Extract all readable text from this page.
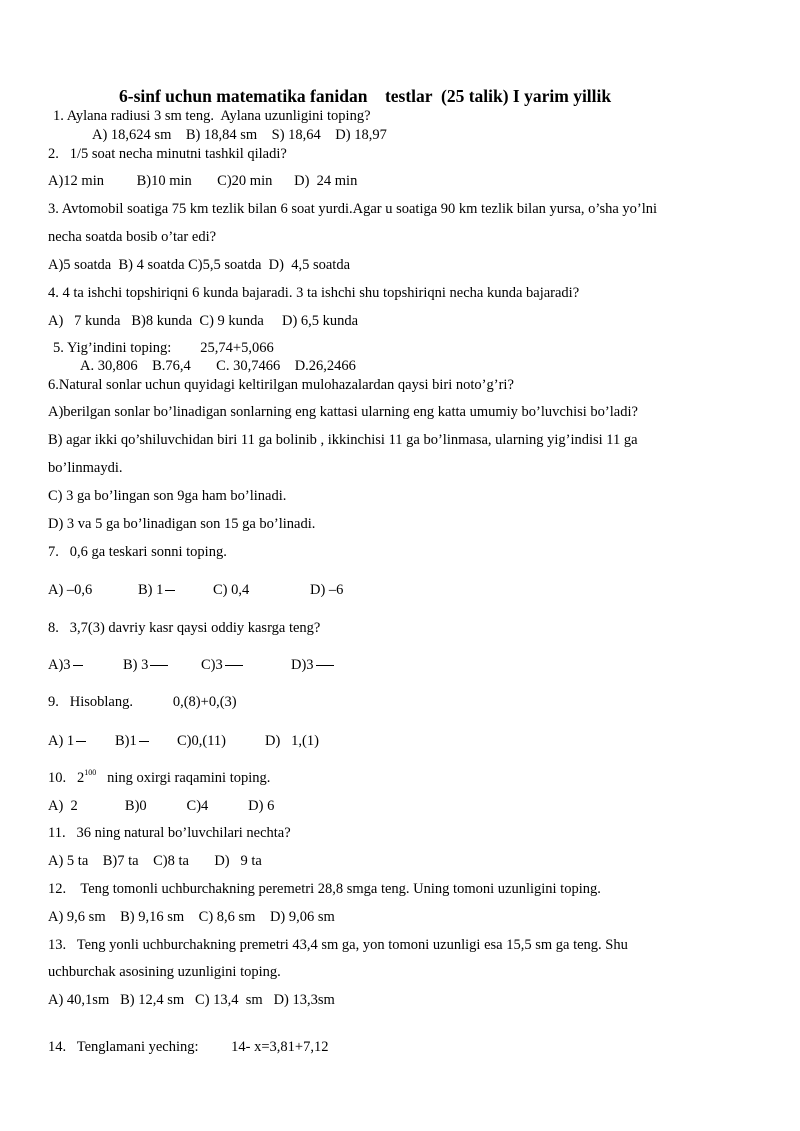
6-sinf uchun matematika fanidan    testlar  (25 talik) I yarim yillik
1. Aylana radiusi 3 sm teng.  Aylana uzunligini toping?
A) 18,624 sm    B) 18,84 sm    S) 18,64    D) 18,97
2.   1/5 soat necha minutni tashkil qiladi?
A)12 min         B)10 min       C)20 min      D)  24 min
3. Avtomobil soatiga 75 km tezlik bilan 6 soat yurdi.Agar u soatiga 90 km tezlik bilan yursa, o’sha yo’lni
necha soatda bosib o’tar edi?
A)5 soatda  B) 4 soatda C)5,5 soatda  D)  4,5 soatda
4. 4 ta ishchi topshiriqni 6 kunda bajaradi. 3 ta ishchi shu topshiriqni necha kunda bajaradi?
A)   7 kunda   B)8 kunda  C) 9 kunda     D) 6,5 kunda
5. Yig’indini toping:        25,74+5,066
A. 30,806    B.76,4       C. 30,7466    D.26,2466
6.Natural sonlar uchun quyidagi keltirilgan mulohazalardan qaysi biri noto’g’ri?
A)berilgan sonlar bo’linadigan sonlarning eng kattasi ularning eng katta umumiy bo’luvchisi bo’ladi?
B) agar ikki qo’shiluvchidan biri 11 ga bolinib , ikkinchisi 11 ga bo’linmasa, ularning yig’indisi 11 ga
bo’linmaydi.
C) 3 ga bo’lingan son 9ga ham bo’linadi.
D) 3 va 5 ga bo’linadigan son 15 ga bo’linadi.
7.   0,6 ga teskari sonni toping.
A) –0,6	B) 1	C) 0,4	D) –6
8.   3,7(3) davriy kasr qaysi oddiy kasrga teng?
A)3	B) 3	C)3	D)3
9.   Hisoblang.           0,(8)+0,(3)
A) 1	B)1	C)0,(11)	D)   1,(1)
10.   $2^{100}$   ning oxirgi raqamini toping.
A)  2             B)0           C)4           D) 6
11.   36 ning natural bo’luvchilari nechta?
A) 5 ta    B)7 ta    C)8 ta       D)   9 ta
12.    Teng tomonli uchburchakning peremetri 28,8 smga teng. Uning tomoni uzunligini toping.
A) 9,6 sm    B) 9,16 sm    C) 8,6 sm    D) 9,06 sm
13.   Teng yonli uchburchakning premetri 43,4 sm ga, yon tomoni uzunligi esa 15,5 sm ga teng. Shu
uchburchak asosining uzunligini toping.
A) 40,1sm   B) 12,4 sm   C) 13,4  sm   D) 13,3sm
14.   Tenglamani yeching:         14- x=3,81+7,12
